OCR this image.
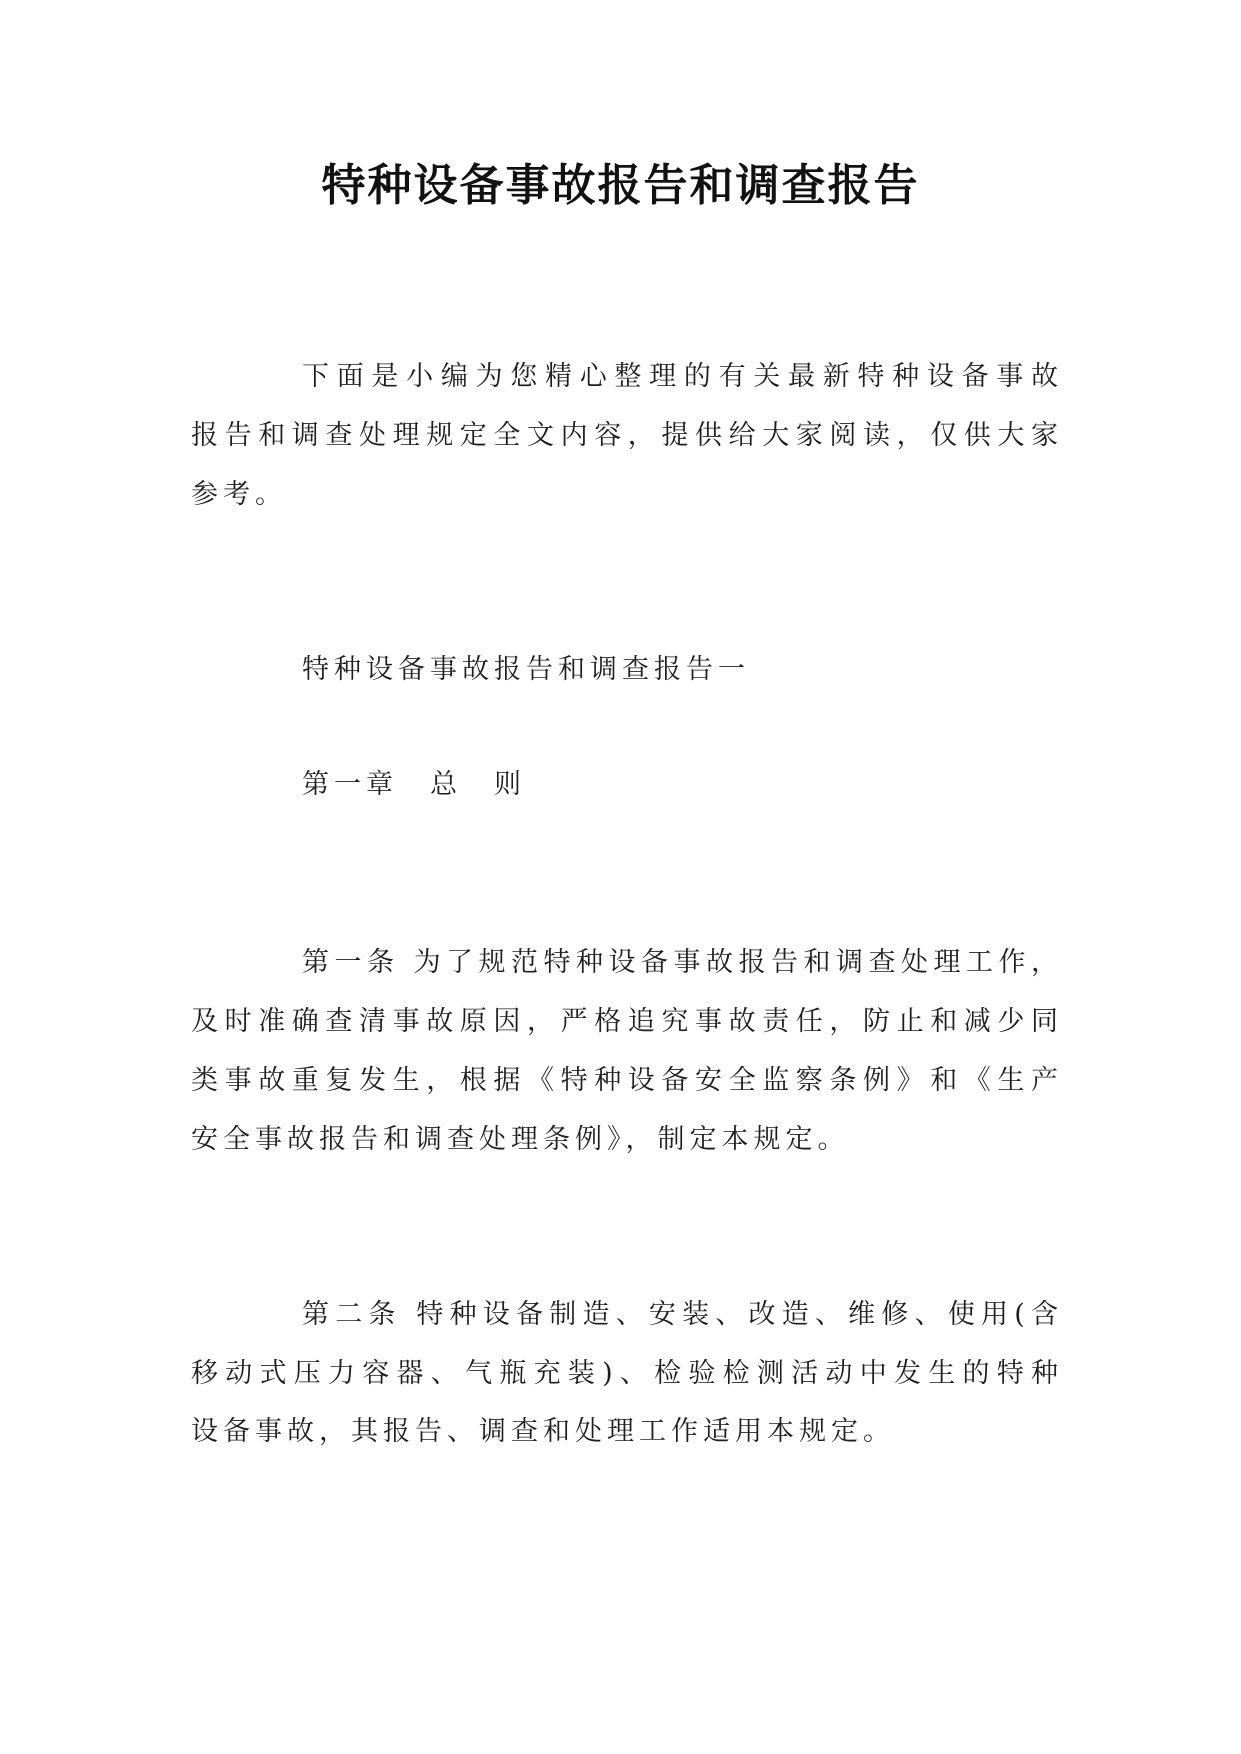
特种设备事故报告和调查报告
下面是小编为您精心整理的有关最新特种设备事故
报告和调查处理规定全文内容，提供给大家阅读，仅供大家
参考。
特种设备事故报告和调查报告一
第一章　总　则
第一条 为了规范特种设备事故报告和调查处理工作，
及时准确查清事故原因，严格追究事故责任，防止和减少同
类事故重复发生，根据《特种设备安全监察条例》和《生产
安全事故报告和调查处理条例》，制定本规定。
第二条 特种设备制造、安装、改造、维修、使用(含
移动式压力容器、气瓶充装)、检验检测活动中发生的特种
设备事故，其报告、调查和处理工作适用本规定。
